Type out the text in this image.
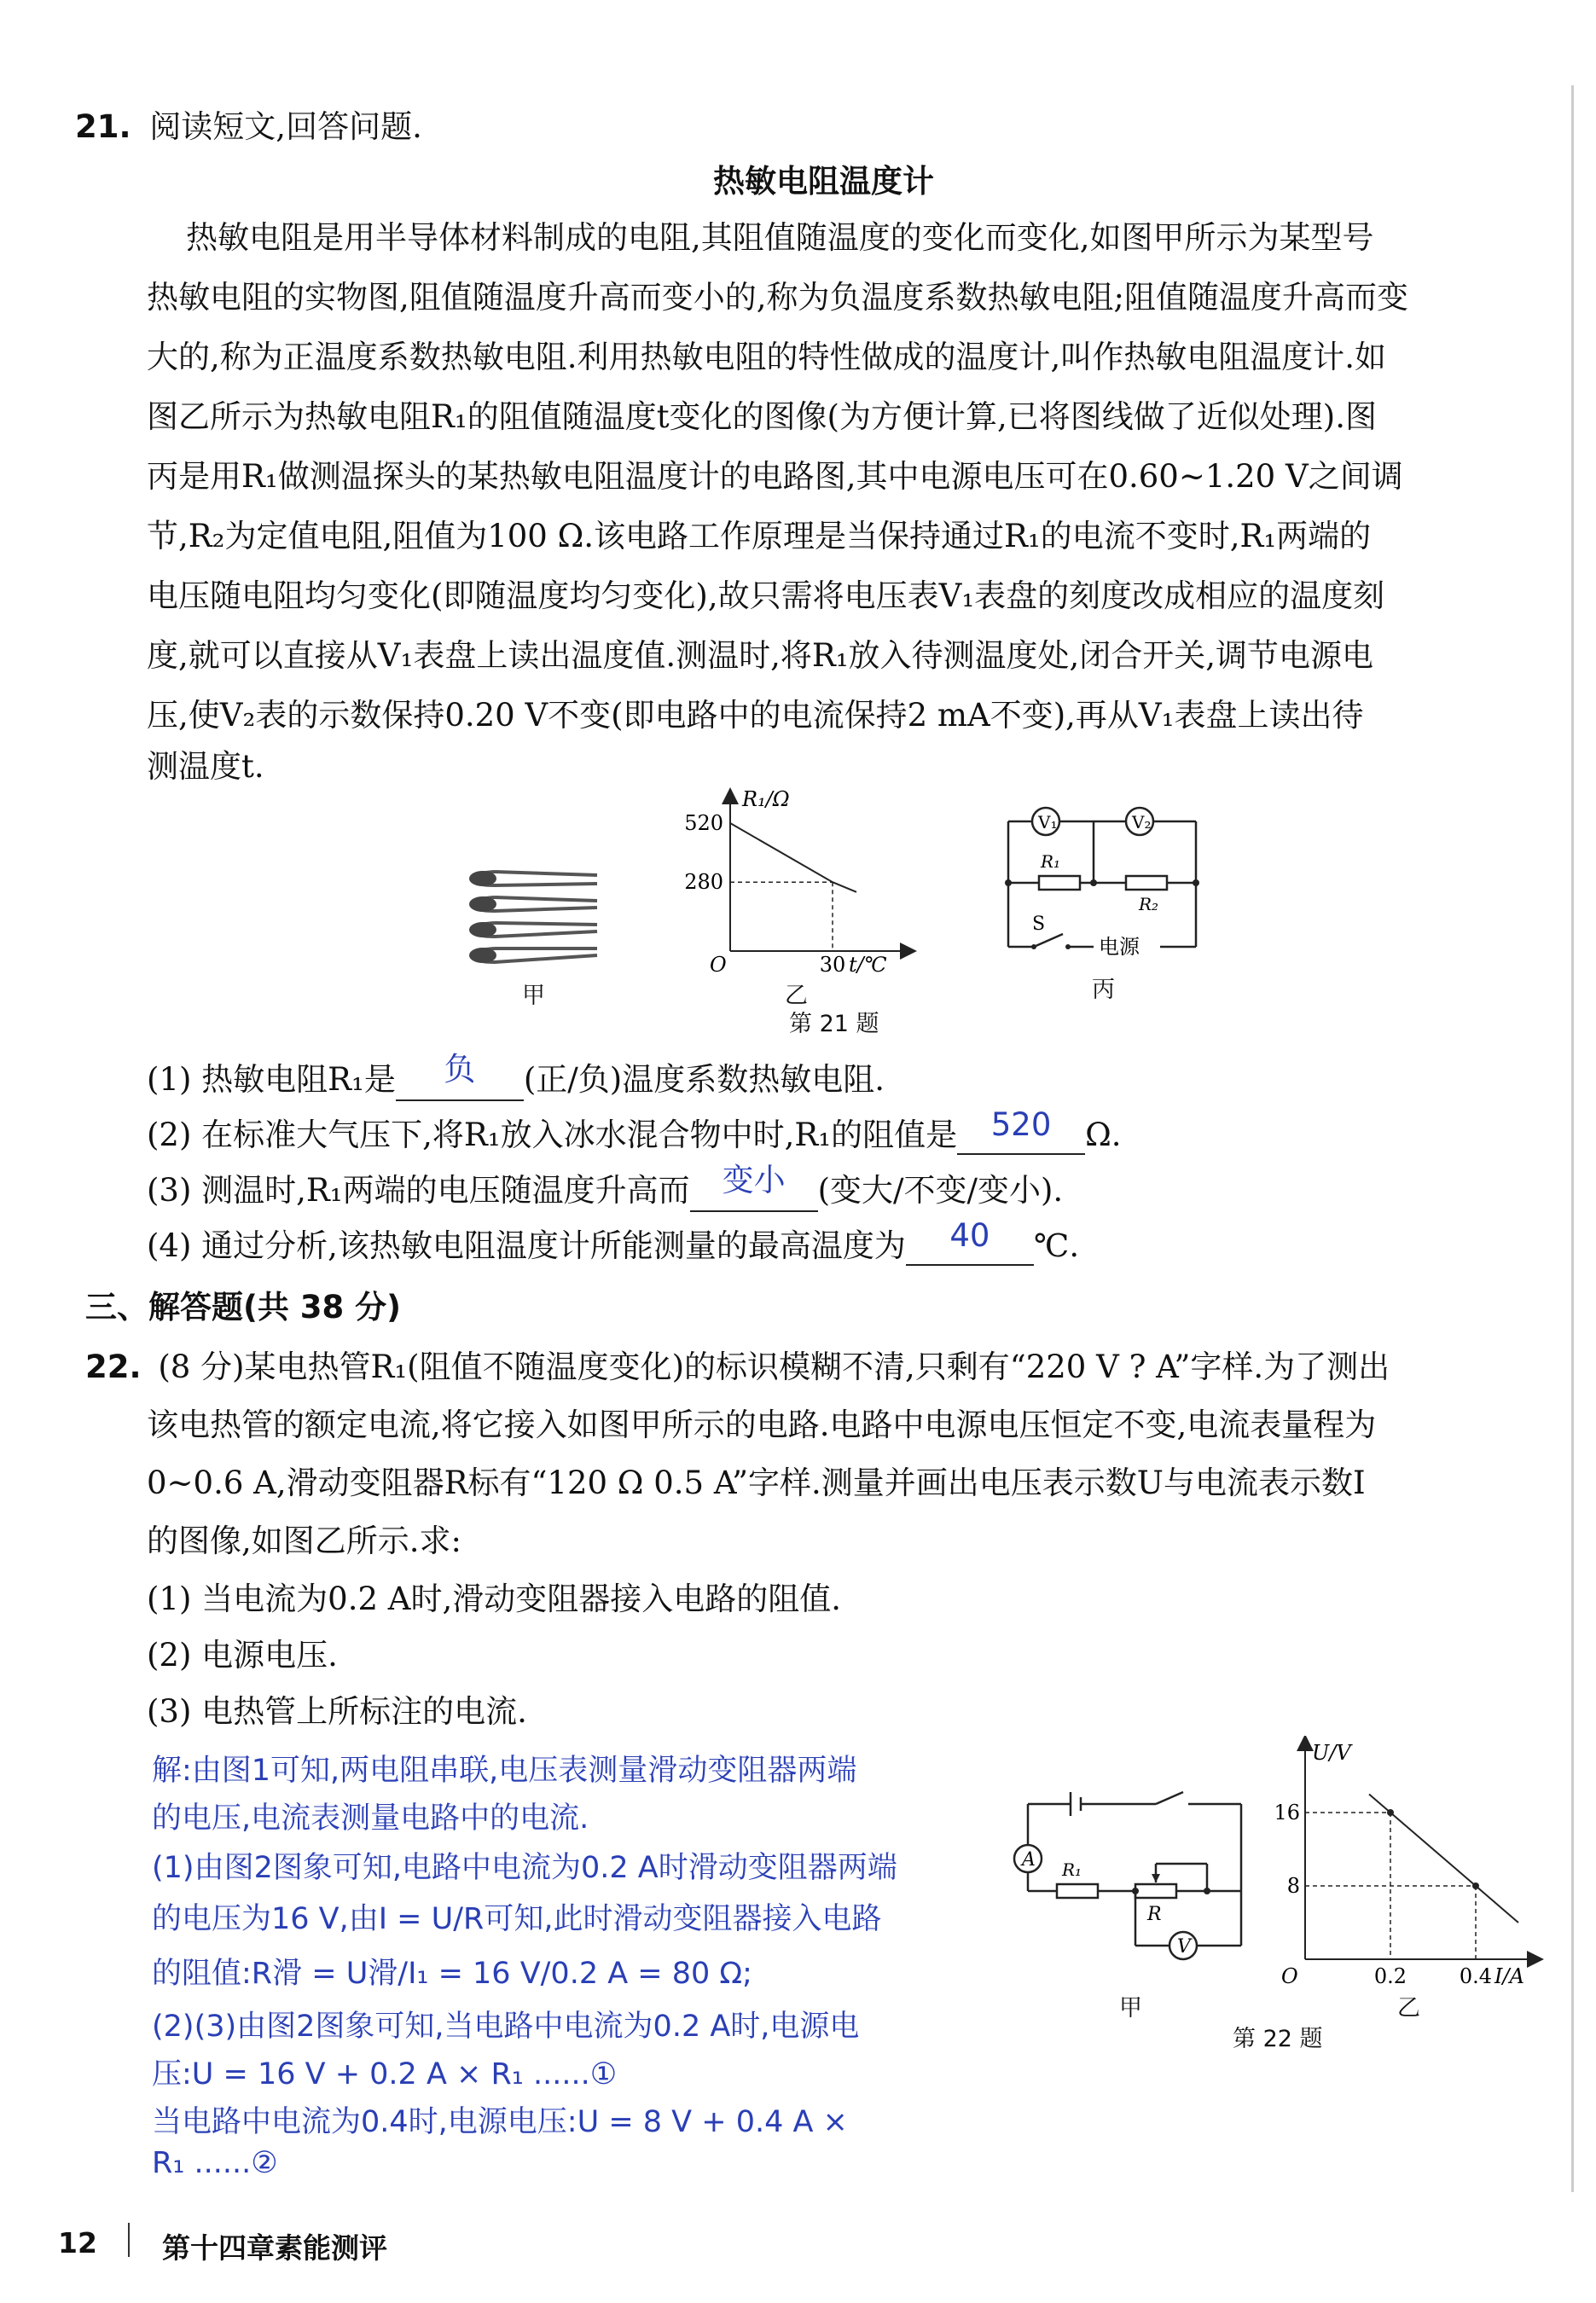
21. 阅读短文,回答问题.
热敏电阻温度计
热敏电阻是用半导体材料制成的电阻,其阻值随温度的变化而变化,如图甲所示为某型号
热敏电阻的实物图,阻值随温度升高而变小的,称为负温度系数热敏电阻;阻值随温度升高而变
大的,称为正温度系数热敏电阻.利用热敏电阻的特性做成的温度计,叫作热敏电阻温度计.如
图乙所示为热敏电阻R₁的阻值随温度t变化的图像(为方便计算,已将图线做了近似处理).图
丙是用R₁做测温探头的某热敏电阻温度计的电路图,其中电源电压可在0.60~1.20 V之间调
节,R₂为定值电阻,阻值为100 Ω.该电路工作原理是当保持通过R₁的电流不变时,R₁两端的
电压随电阻均匀变化(即随温度均匀变化),故只需将电压表V₁表盘的刻度改成相应的温度刻
度,就可以直接从V₁表盘上读出温度值.测温时,将R₁放入待测温度处,闭合开关,调节电源电
压,使V₂表的示数保持0.20 V不变(即电路中的电流保持2 mA不变),再从V₁表盘上读出待
测温度t.
甲
520
280
30
R₁/Ω
O	t/℃
乙
V₁	V₂
R₁
R₂
S
电源
丙
第 21 题
(1) 热敏电阻R₁是 负 (正/负)温度系数热敏电阻.
(2) 在标准大气压下,将R₁放入冰水混合物中时,R₁的阻值是 520 Ω.
(3) 测温时,R₁两端的电压随温度升高而 变小 (变大/不变/变小).
(4) 通过分析,该热敏电阻温度计所能测量的最高温度为 40 ℃.
三、解答题(共 38 分)
22. (8 分)某电热管R₁(阻值不随温度变化)的标识模糊不清,只剩有“220 V ? A”字样.为了测出
该电热管的额定电流,将它接入如图甲所示的电路.电路中电源电压恒定不变,电流表量程为
0~0.6 A,滑动变阻器R标有“120 Ω 0.5 A”字样.测量并画出电压表示数U与电流表示数I
的图像,如图乙所示.求:
(1) 当电流为0.2 A时,滑动变阻器接入电路的阻值.
(2) 电源电压.
(3) 电热管上所标注的电流.
解:由图1可知,两电阻串联,电压表测量滑动变阻器两端
的电压,电流表测量电路中的电流.
(1)由图2图象可知,电路中电流为0.2 A时滑动变阻器两端
的电压为16 V,由I = U/R可知,此时滑动变阻器接入电路
的阻值:R滑 = U滑/I₁ = 16 V/0.2 A = 80 Ω;
(2)(3)由图2图象可知,当电路中电流为0.2 A时,电源电
压:U = 16 V + 0.2 A × R₁ ......①
当电路中电流为0.4时,电源电压:U = 8 V + 0.4 A ×
R₁ ......②
A
V
R₁
R
甲
16
8
0.2	0.4
U/V
O	I/A
乙
第 22 题
12 第十四章素能测评
